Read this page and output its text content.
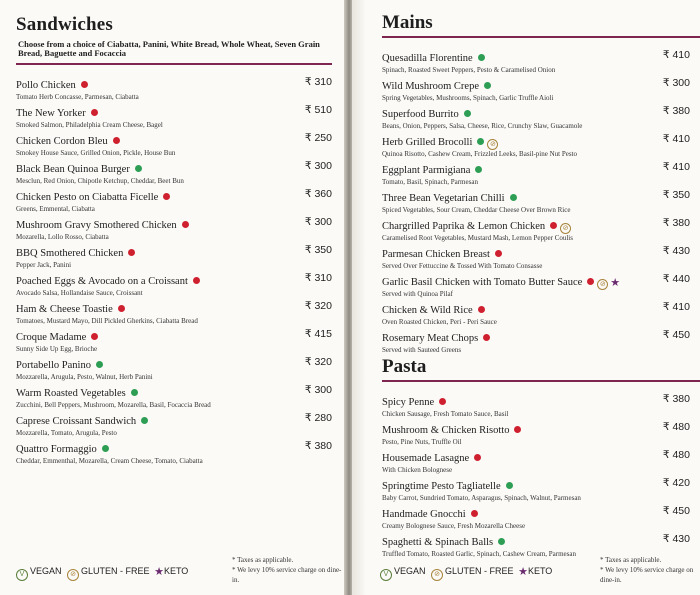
Sandwiches
Choose from a choice of Ciabatta, Panini, White Bread, Whole Wheat, Seven Grain Bread, Baguette and Focaccia
Pollo Chicken
Tomato Herb Concasse, Parmesan, Ciabatta
₹ 310
The New Yorker
Smoked Salmon, Philadelphia Cream Cheese, Bagel
₹ 510
Chicken Cordon Bleu
Smokey House Sauce, Grilled Onion, Pickle, House Bun
₹ 250
Black Bean Quinoa Burger
Mesclun, Red Onion, Chipotle Ketchup, Cheddar, Beet Bun
₹ 300
Chicken Pesto on Ciabatta Ficelle
Greens, Emmental, Ciabatta
₹ 360
Mushroom Gravy Smothered Chicken
Mozarella, Lollo Rosso, Ciabatta
₹ 300
BBQ Smothered Chicken
Pepper Jack, Panini
₹ 350
Poached Eggs & Avocado on a Croissant
Avocado Salsa, Hollandaise Sauce, Croissant
₹ 310
Ham & Cheese Toastie
Tomatoes, Mustard Mayo, Dill Pickled Gherkins, Ciabatta Bread
₹ 320
Croque Madame
Sunny Side Up Egg, Brioche
₹ 415
Portabello Panino
Mozzarella, Arugula, Pesto, Walnut, Herb Panini
₹ 320
Warm Roasted Vegetables
Zucchini, Bell Peppers, Mushroom, Mozarella, Basil, Focaccia Bread
₹ 300
Caprese Croissant Sandwich
Mozzarella, Tomato, Arugula, Pesto
₹ 280
Quattro Formaggio
Cheddar, Emmenthal, Mozarella, Cream Cheese, Tomato, Ciabatta
₹ 380
V VEGAN ⊘ GLUTEN - FREE ★KETO
* Taxes as applicable.
* We levy 10% service charge on dine-in.
Mains
Quesadilla Florentine
Spinach, Roasted Sweet Peppers, Pesto & Caramelised Onion
₹ 410
Wild Mushroom Crepe
Spring Vegetables, Mushrooms, Spinach, Garlic Truffle Aioli
₹ 300
Superfood Burrito
Beans, Onion, Peppers, Salsa, Cheese, Rice, Crunchy Slaw, Guacamole
₹ 380
Herb Grilled Brocolli	⊘
Quinoa Risotto, Cashew Cream, Frizzled Leeks, Basil-pine Nut Pesto
₹ 410
Eggplant Parmigiana
Tomato, Basil, Spinach, Parmesan
₹ 410
Three Bean Vegetarian Chilli
Spiced Vegetables, Sour Cream, Cheddar Cheese Over Brown Rice
₹ 350
Chargrilled Paprika & Lemon Chicken	⊘
Caramelised Root Vegetables, Mustard Mash, Lemon Pepper Coulis
₹ 380
Parmesan Chicken Breast
Served Over Fettuccine & Tossed With Tomato Consasse
₹ 430
Garlic Basil Chicken with Tomato Butter Sauce	⊘ ★
Served with Quinoa Pilaf
₹ 440
Chicken & Wild Rice
Oven Roasted Chicken, Peri - Peri Sauce
₹ 410
Rosemary Meat Chops
Served with Sauteed Greens
₹ 450
Pasta
Spicy Penne
Chicken Sausage, Fresh Tomato Sauce, Basil
₹ 380
Mushroom & Chicken Risotto
Pesto, Pine Nuts, Truffle Oil
₹ 480
Housemade Lasagne
With Chicken Bolognese
₹ 480
Springtime Pesto Tagliatelle
Baby Carrot, Sundried Tomato, Asparagus, Spinach, Walnut, Parmesan
₹ 420
Handmade Gnocchi
Creamy Bolognese Sauce, Fresh Mozarella Cheese
₹ 450
Spaghetti & Spinach Balls
Truffled Tomato, Roasted Garlic, Spinach, Cashew Cream, Parmesan
₹ 430
V VEGAN ⊘ GLUTEN - FREE ★KETO
* Taxes as applicable.
* We levy 10% service charge on dine-in.
